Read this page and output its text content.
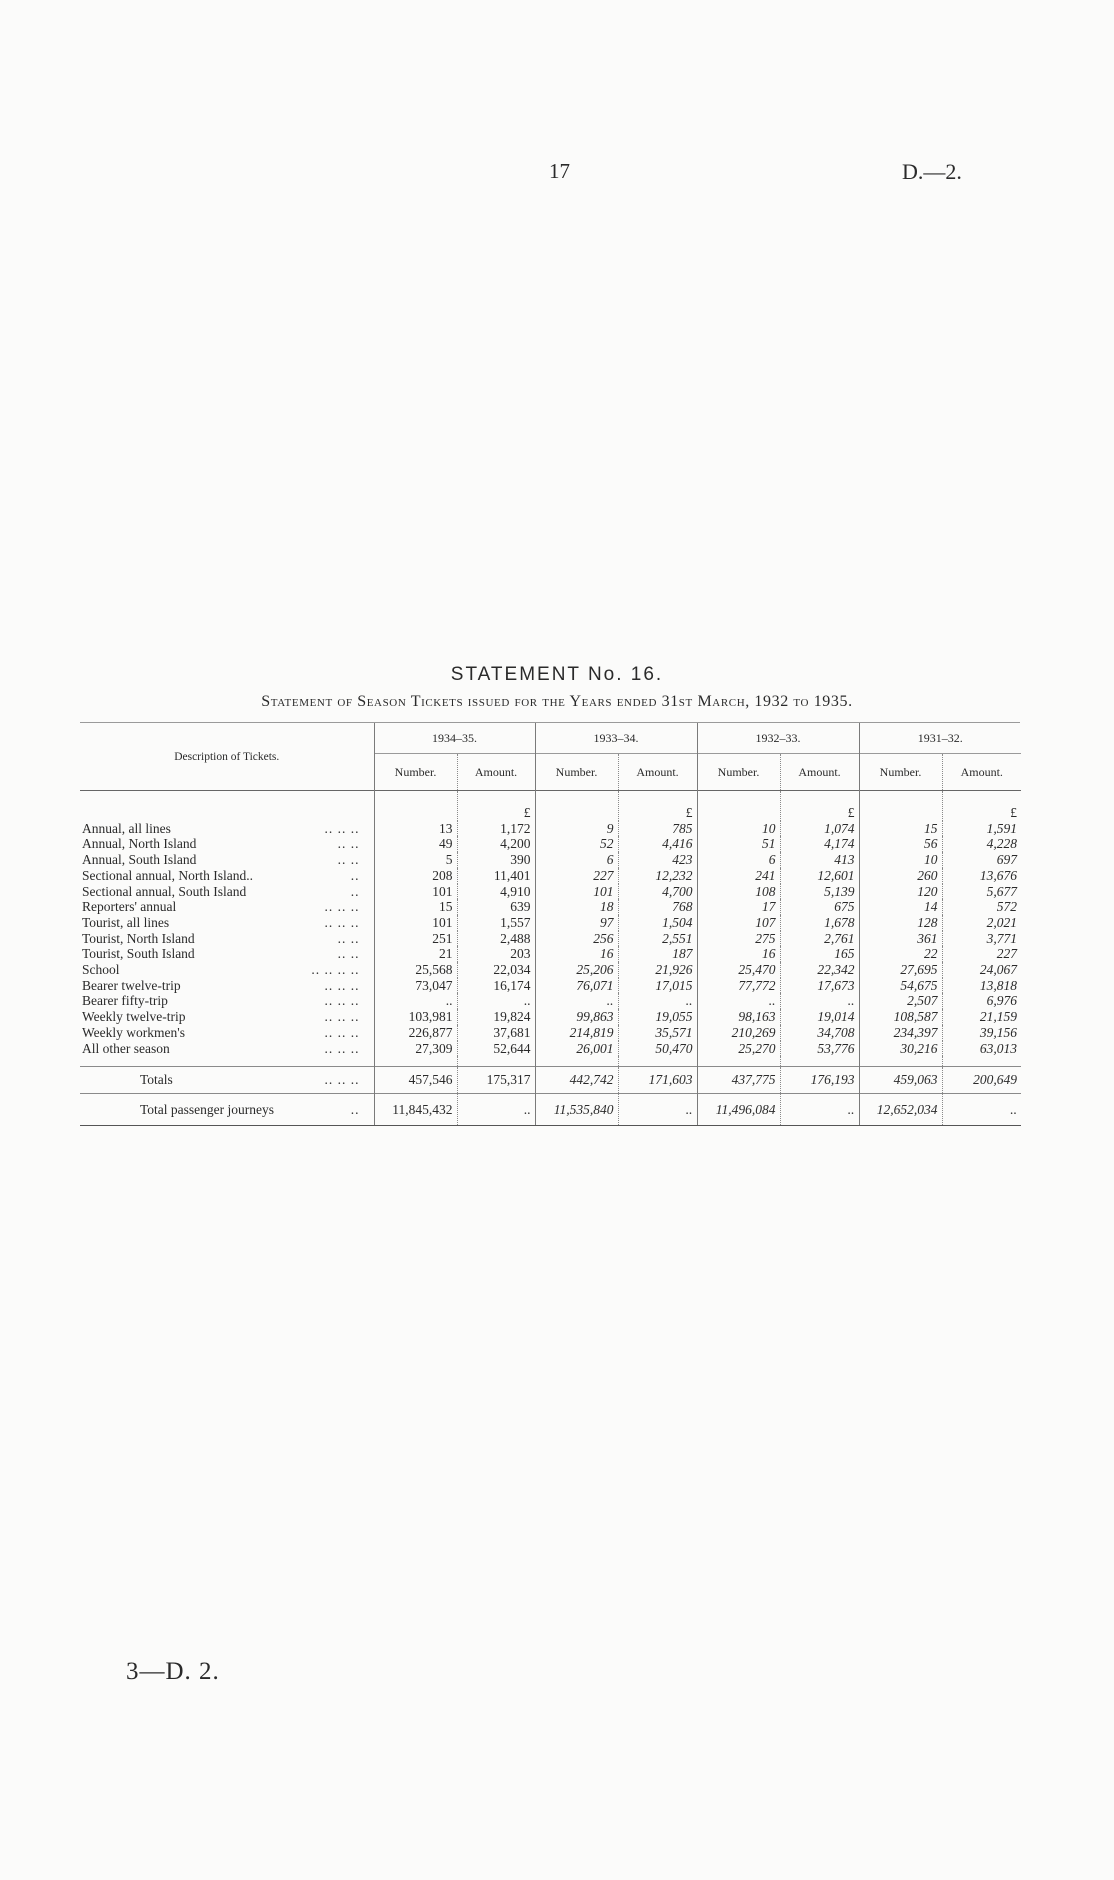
17	D.—2.
STATEMENT No. 16.
Statement of Season Tickets issued for the Years ended 31st March, 1932 to 1935.
Description of Tickets.	1934–35.		1933–34.		1932–33.		1931–32.	
	Number.	Amount.	Number.	Amount.	Number.	Amount.	Number.	Amount.

		£		£		£		£
Annual, all lines .. .. ..	13	1,172	9	785	10	1,074	15	1,591
Annual, North Island .. ..	49	4,200	52	4,416	51	4,174	56	4,228
Annual, South Island .. ..	5	390	6	423	6	413	10	697
Sectional annual, North Island.. ..	208	11,401	227	12,232	241	12,601	260	13,676
Sectional annual, South Island ..	101	4,910	101	4,700	108	5,139	120	5,677
Reporters' annual .. .. ..	15	639	18	768	17	675	14	572
Tourist, all lines .. .. ..	101	1,557	97	1,504	107	1,678	128	2,021
Tourist, North Island .. ..	251	2,488	256	2,551	275	2,761	361	3,771
Tourist, South Island .. ..	21	203	16	187	16	165	22	227
School .. .. .. ..	25,568	22,034	25,206	21,926	25,470	22,342	27,695	24,067
Bearer twelve-trip .. .. ..	73,047	16,174	76,071	17,015	77,772	17,673	54,675	13,818
Bearer fifty-trip .. .. ..	..	..	..	..	..	..	2,507	6,976
Weekly twelve-trip .. .. ..	103,981	19,824	99,863	19,055	98,163	19,014	108,587	21,159
Weekly workmen's .. .. ..	226,877	37,681	214,819	35,571	210,269	34,708	234,397	39,156
All other season .. .. ..	27,309	52,644	26,001	50,470	25,270	53,776	30,216	63,013

Totals .. .. ..	457,546	175,317	442,742	171,603	437,775	176,193	459,063	200,649
Total passenger journeys ..	11,845,432	..	11,535,840	..	11,496,084	..	12,652,034	..
3—D. 2.
